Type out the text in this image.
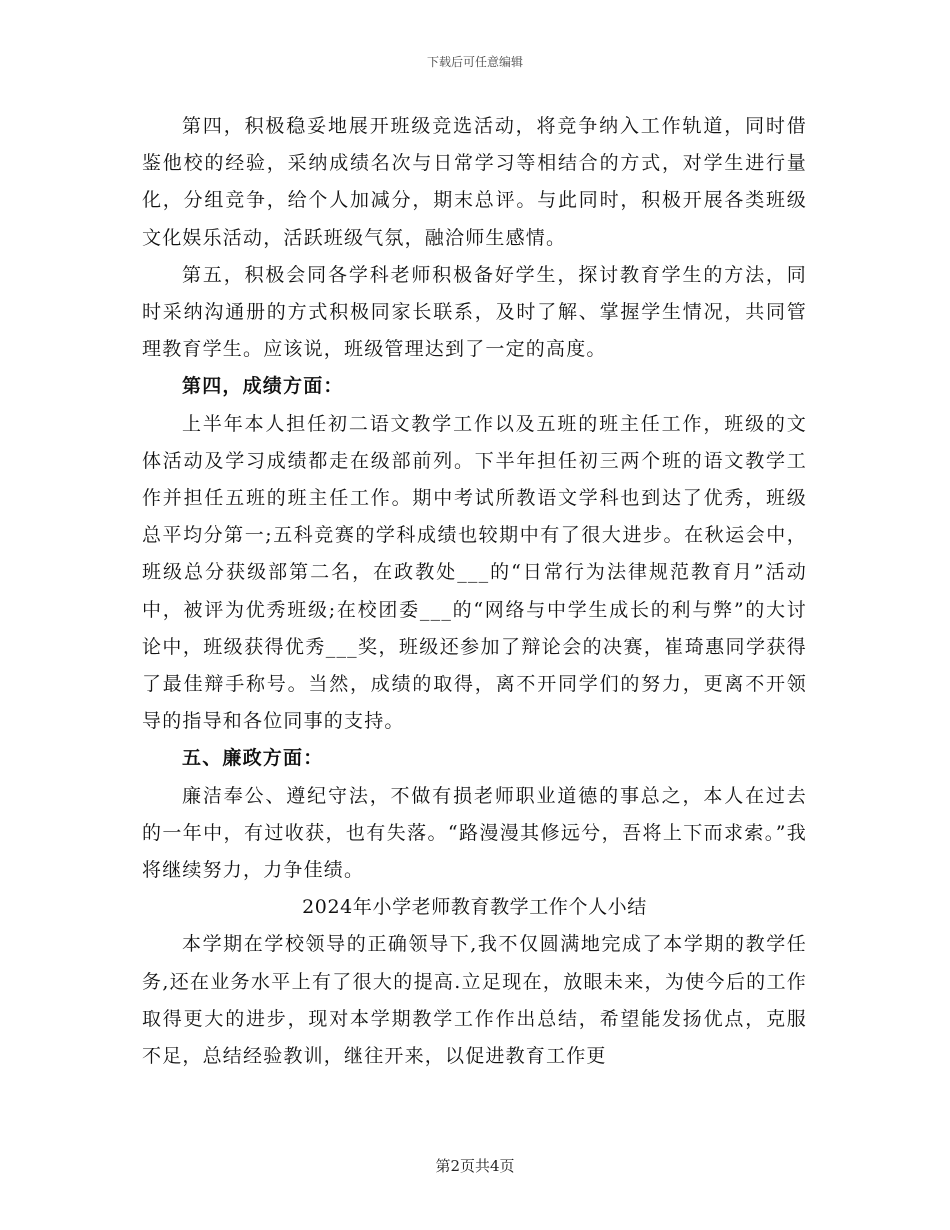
下载后可任意编辑

第四，积极稳妥地展开班级竞选活动，将竞争纳入工作轨道，同时借鉴他校的经验，采纳成绩名次与日常学习等相结合的方式，对学生进行量化，分组竞争，给个人加减分，期末总评。与此同时，积极开展各类班级文化娱乐活动，活跃班级气氛，融洽师生感情。

第五，积极会同各学科老师积极备好学生，探讨教育学生的方法，同时采纳沟通册的方式积极同家长联系，及时了解、掌握学生情况，共同管理教育学生。应该说，班级管理达到了一定的高度。

第四，成绩方面：

上半年本人担任初二语文教学工作以及五班的班主任工作，班级的文体活动及学习成绩都走在级部前列。下半年担任初三两个班的语文教学工作并担任五班的班主任工作。期中考试所教语文学科也到达了优秀，班级总平均分第一;五科竞赛的学科成绩也较期中有了很大进步。在秋运会中，班级总分获级部第二名，在政教处___的“日常行为法律规范教育月”活动中，被评为优秀班级;在校团委___的“网络与中学生成长的利与弊”的大讨论中，班级获得优秀___奖，班级还参加了辩论会的决赛，崔琦惠同学获得了最佳辩手称号。当然，成绩的取得，离不开同学们的努力，更离不开领导的指导和各位同事的支持。

五、廉政方面：

廉洁奉公、遵纪守法，不做有损老师职业道德的事总之，本人在过去的一年中，有过收获，也有失落。“路漫漫其修远兮，吾将上下而求索。”我将继续努力，力争佳绩。

2024年小学老师教育教学工作个人小结

本学期在学校领导的正确领导下,我不仅圆满地完成了本学期的教学任务,还在业务水平上有了很大的提高.立足现在，放眼未来，为使今后的工作取得更大的进步，现对本学期教学工作作出总结，希望能发扬优点，克服不足，总结经验教训，继往开来，以促进教育工作更

第2页共4页
